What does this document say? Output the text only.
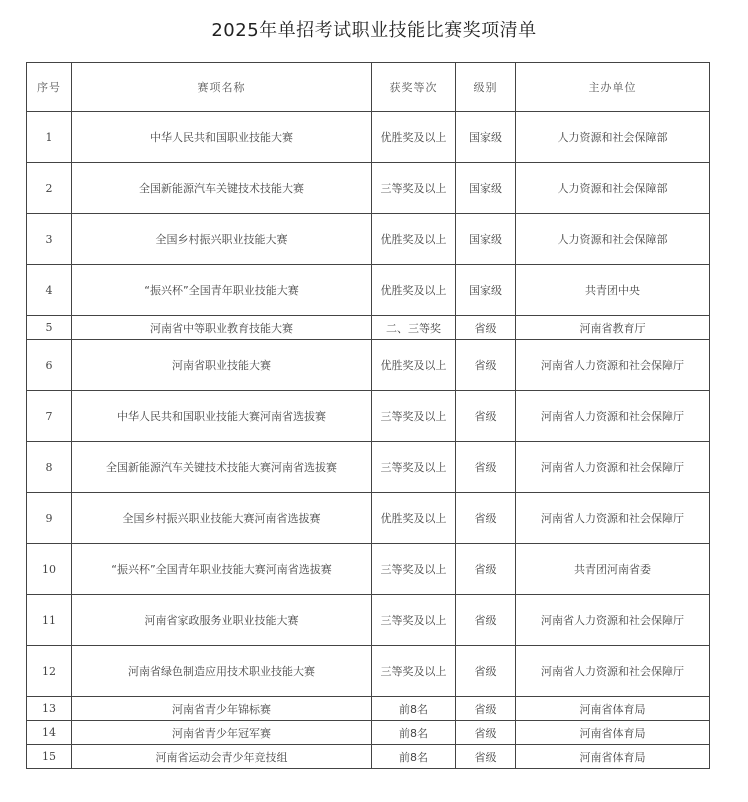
2025年单招考试职业技能比赛奖项清单
序号	赛项名称	获奖等次	级别	主办单位
1	中华人民共和国职业技能大赛	优胜奖及以上	国家级	人力资源和社会保障部
2	全国新能源汽车关键技术技能大赛	三等奖及以上	国家级	人力资源和社会保障部
3	全国乡村振兴职业技能大赛	优胜奖及以上	国家级	人力资源和社会保障部
4	“振兴杯”全国青年职业技能大赛	优胜奖及以上	国家级	共青团中央
5	河南省中等职业教育技能大赛	二、三等奖	省级	河南省教育厅
6	河南省职业技能大赛	优胜奖及以上	省级	河南省人力资源和社会保障厅
7	中华人民共和国职业技能大赛河南省选拔赛	三等奖及以上	省级	河南省人力资源和社会保障厅
8	全国新能源汽车关键技术技能大赛河南省选拔赛	三等奖及以上	省级	河南省人力资源和社会保障厅
9	全国乡村振兴职业技能大赛河南省选拔赛	优胜奖及以上	省级	河南省人力资源和社会保障厅
10	“振兴杯”全国青年职业技能大赛河南省选拔赛	三等奖及以上	省级	共青团河南省委
11	河南省家政服务业职业技能大赛	三等奖及以上	省级	河南省人力资源和社会保障厅
12	河南省绿色制造应用技术职业技能大赛	三等奖及以上	省级	河南省人力资源和社会保障厅
13	河南省青少年锦标赛	前8名	省级	河南省体育局
14	河南省青少年冠军赛	前8名	省级	河南省体育局
15	河南省运动会青少年竞技组	前8名	省级	河南省体育局
